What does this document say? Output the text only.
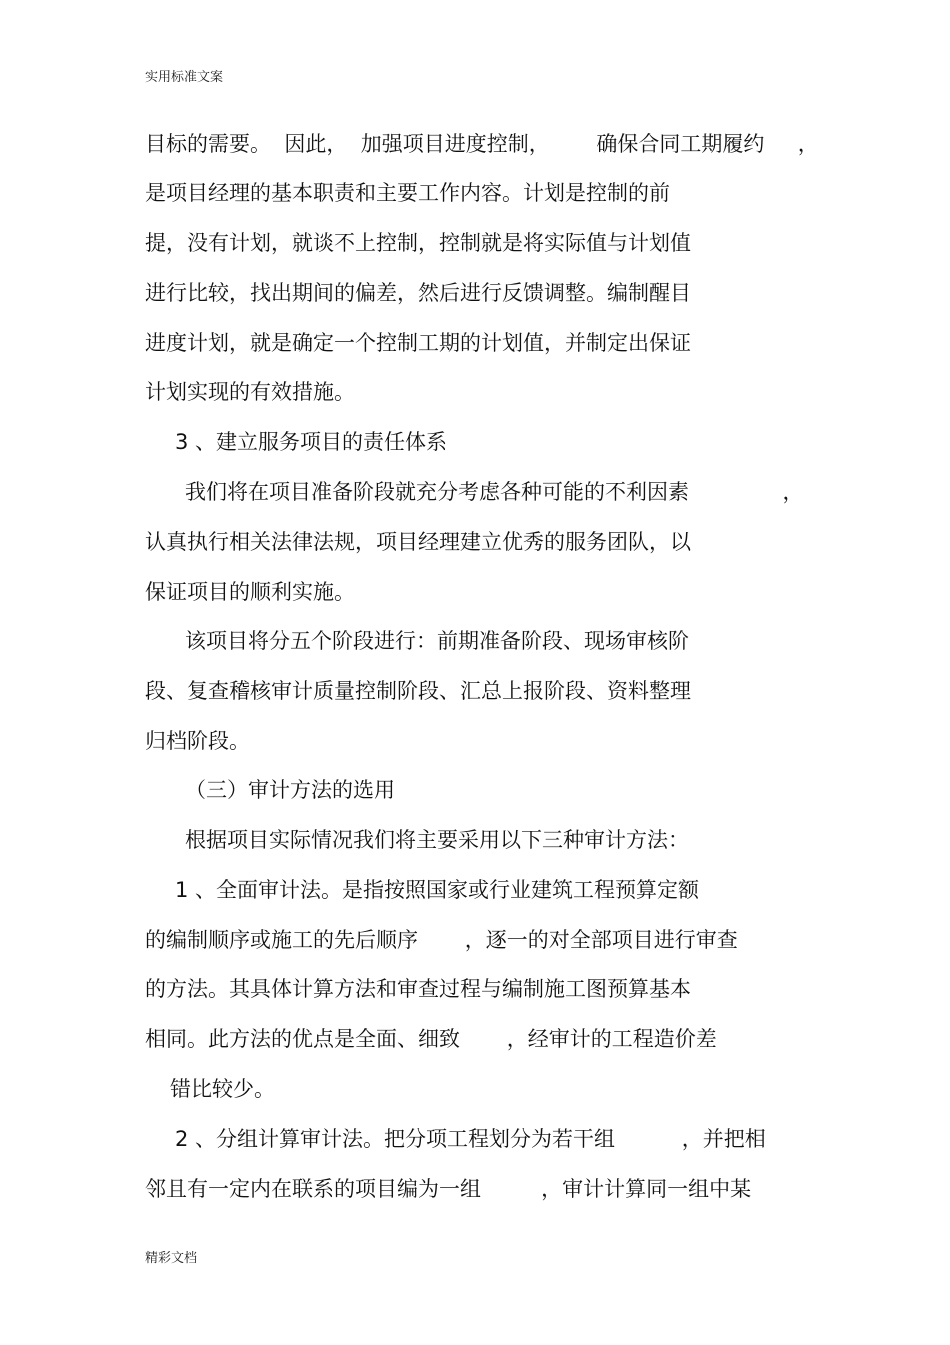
实用标准文案
目标的需要。  因此，  加强项目进度控制，       确保合同工期履约     ，
是项目经理的基本职责和主要工作内容。计划是控制的前
提，没有计划，就谈不上控制，控制就是将实际值与计划值
进行比较，找出期间的偏差，然后进行反馈调整。编制醒目
进度计划，就是确定一个控制工期的计划值，并制定出保证
计划实现的有效措施。
3 、建立服务项目的责任体系
我们将在项目准备阶段就充分考虑各种可能的不利因素              ，
认真执行相关法律法规，项目经理建立优秀的服务团队，以
保证项目的顺利实施。
该项目将分五个阶段进行：前期准备阶段、现场审核阶
段、复查稽核审计质量控制阶段、汇总上报阶段、资料整理
归档阶段。
（三）审计方法的选用
根据项目实际情况我们将主要采用以下三种审计方法：
1 、全面审计法。是指按照国家或行业建筑工程预算定额
的编制顺序或施工的先后顺序       ，逐一的对全部项目进行审查
的方法。其具体计算方法和审查过程与编制施工图预算基本
相同。此方法的优点是全面、细致       ，经审计的工程造价差
错比较少。
2 、分组计算审计法。把分项工程划分为若干组          ，并把相
邻且有一定内在联系的项目编为一组         ，审计计算同一组中某
精彩文档
